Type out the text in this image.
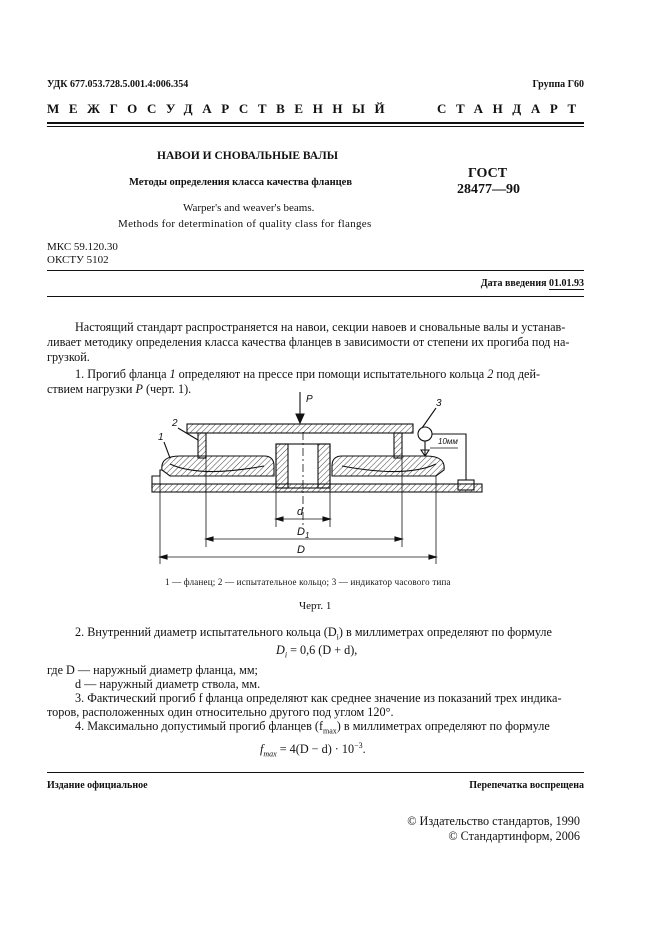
УДК 677.053.728.5.001.4:006.354	Группа Г60
МЕЖГОСУДАРСТВЕННЫЙ	СТАНДАРТ
НАВОИ И СНОВАЛЬНЫЕ ВАЛЫ
Методы определения класса качества фланцев
Warper's and weaver's beams.
Methods for determination of quality class for flanges
ГОСТ
28477—90
МКС 59.120.30
ОКСТУ 5102
Дата введения 01.01.93
Настоящий стандарт распространяется на навои, секции навоев и сновальные валы и устанав-
ливает методику определения класса качества фланцев в зависимости от степени их прогиба под на-
грузкой.
1. Прогиб фланца 1 определяют на прессе при помощи испытательного кольца 2 под дей-
ствием нагрузки P (черт. 1).
P	3
10мм
2
1
d
$D_1$
D
1 — фланец; 2 — испытательное кольцо; 3 — индикатор часового типа
Черт. 1
2. Внутренний диаметр испытательного кольца $(D_i)$ в миллиметрах определяют по формуле
$D_i = 0,6$ (D + d),
где D — наружный диаметр фланца, мм;
d — наружный диаметр ствола, мм.
3. Фактический прогиб f фланца определяют как среднее значение из показаний трех индика-
торов, расположенных один относительно другого под углом 120°.
4. Максимально допустимый прогиб фланцев $(f_{max})$ в миллиметрах определяют по формуле
$f_{max} = 4(D - d) \cdot 10^{-3}$.
Издание официальное	Перепечатка воспрещена
© Издательство стандартов, 1990
© Стандартинформ, 2006
